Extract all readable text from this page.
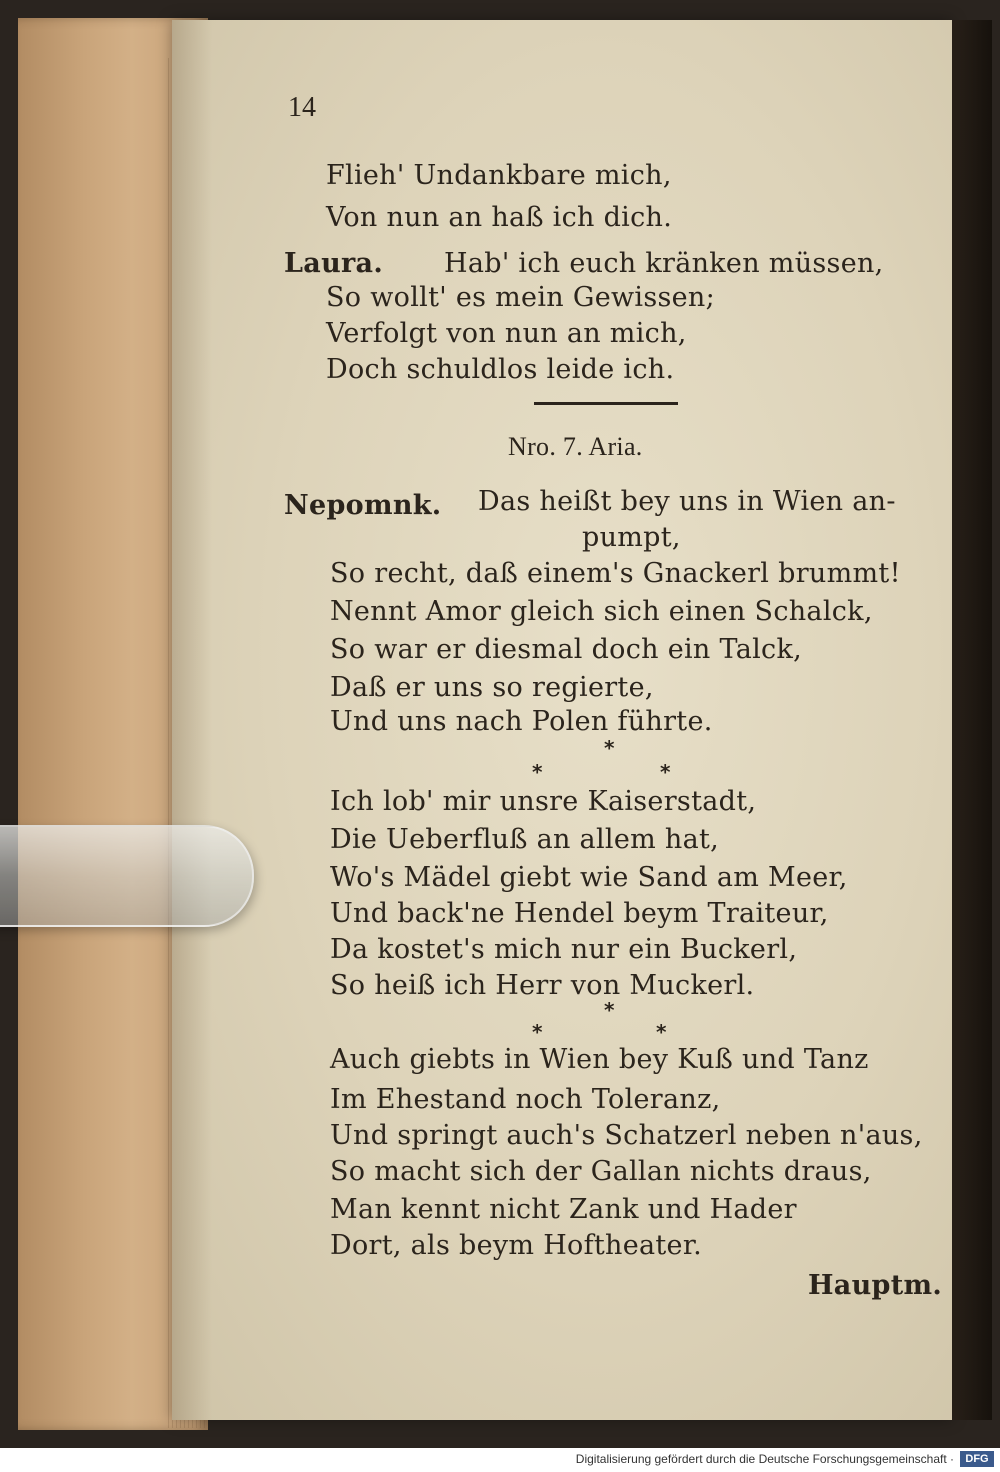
14
Flieh' Undankbare mich,
Von nun an haß ich dich.
Laura. Hab' ich euch kränken müssen,
So wollt' es mein Gewissen;
Verfolgt von nun an mich,
Doch schuldlos leide ich.
Nro. 7. Aria.
Nepomnk. Das heißt bey uns in Wien an-
pumpt,
So recht, daß einem's Gnackerl brummt!
Nennt Amor gleich sich einen Schalck,
So war er diesmal doch ein Talck,
Daß er uns so regierte,
Und uns nach Polen führte.
*
*	*
Ich lob' mir unsre Kaiserstadt,
Die Ueberfluß an allem hat,
Wo's Mädel giebt wie Sand am Meer,
Und back'ne Hendel beym Traiteur,
Da kostet's mich nur ein Buckerl,
So heiß ich Herr von Muckerl.
*
*	*
Auch giebts in Wien bey Kuß und Tanz
Im Ehestand noch Toleranz,
Und springt auch's Schatzerl neben n'aus,
So macht sich der Gallan nichts draus,
Man kennt nicht Zank und Hader
Dort, als beym Hoftheater.
Hauptm.
Digitalisierung gefördert durch die Deutsche Forschungsgemeinschaft ·	DFG
